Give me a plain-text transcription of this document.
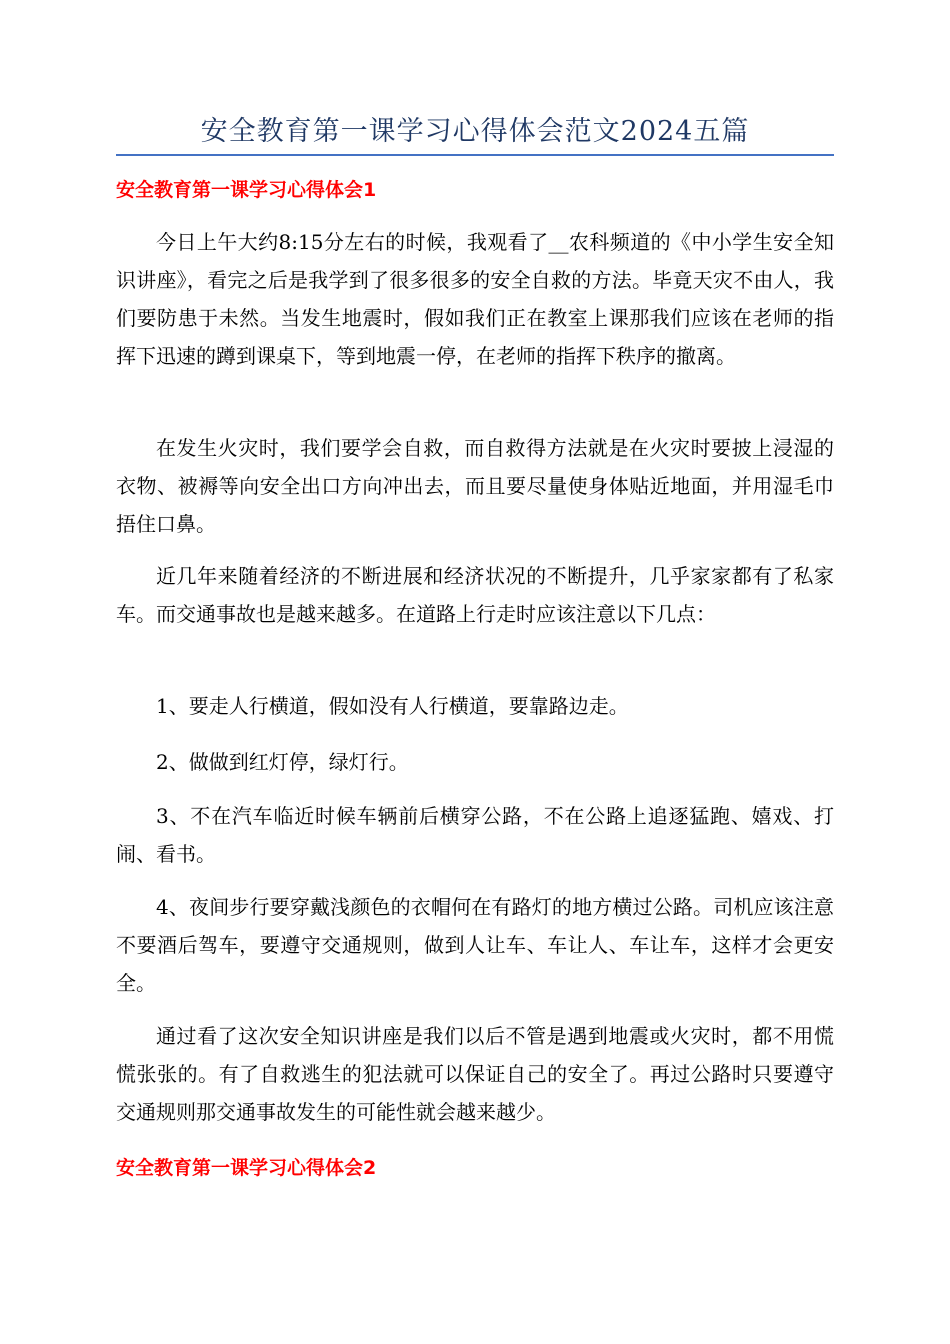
安全教育第一课学习心得体会范文2024五篇
安全教育第一课学习心得体会1

今日上午大约8:15分左右的时候，我观看了__农科频道的《中小学生安全知识讲座》，看完之后是我学到了很多很多的安全自救的方法。毕竟天灾不由人，我们要防患于未然。当发生地震时，假如我们正在教室上课那我们应该在老师的指挥下迅速的蹲到课桌下，等到地震一停，在老师的指挥下秩序的撤离。

在发生火灾时，我们要学会自救，而自救得方法就是在火灾时要披上浸湿的衣物、被褥等向安全出口方向冲出去，而且要尽量使身体贴近地面，并用湿毛巾捂住口鼻。

近几年来随着经济的不断进展和经济状况的不断提升，几乎家家都有了私家车。而交通事故也是越来越多。在道路上行走时应该注意以下几点：

1、要走人行横道，假如没有人行横道，要靠路边走。

2、做做到红灯停，绿灯行。

3、不在汽车临近时候车辆前后横穿公路，不在公路上追逐猛跑、嬉戏、打闹、看书。

4、夜间步行要穿戴浅颜色的衣帽何在有路灯的地方横过公路。司机应该注意不要酒后驾车，要遵守交通规则，做到人让车、车让人、车让车，这样才会更安全。

通过看了这次安全知识讲座是我们以后不管是遇到地震或火灾时，都不用慌慌张张的。有了自救逃生的犯法就可以保证自己的安全了。再过公路时只要遵守交通规则那交通事故发生的可能性就会越来越少。

安全教育第一课学习心得体会2
